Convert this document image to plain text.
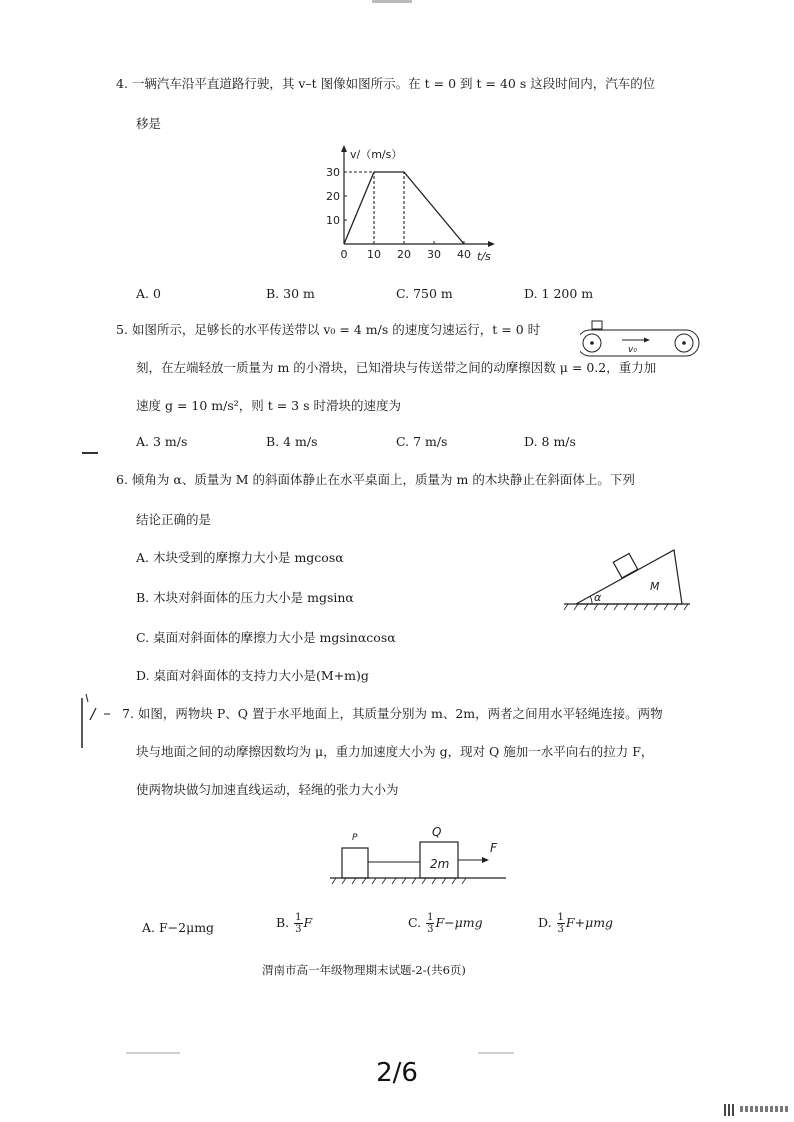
4. 一辆汽车沿平直道路行驶，其 v–t 图像如图所示。在 t = 0 到 t = 40 s 这段时间内，汽车的位
移是
v/（m/s）
t/s
0 10 20 30 40
10
20
30
A. 0	B. 30 m	C. 750 m	D. 1 200 m
5. 如图所示，足够长的水平传送带以 v₀ = 4 m/s 的速度匀速运行，t = 0 时
刻，在左端轻放一质量为 m 的小滑块，已知滑块与传送带之间的动摩擦因数 μ = 0.2，重力加
速度 g = 10 m/s²，则 t = 3 s 时滑块的速度为
v₀
A. 3 m/s	B. 4 m/s	C. 7 m/s	D. 8 m/s
6. 倾角为 α、质量为 M 的斜面体静止在水平桌面上，质量为 m 的木块静止在斜面体上。下列
结论正确的是
A. 木块受到的摩擦力大小是 mgcosα
B. 木块对斜面体的压力大小是 mgsinα
C. 桌面对斜面体的摩擦力大小是 mgsinαcosα
D. 桌面对斜面体的支持力大小是(M+m)g
α
M
7. 如图，两物块 P、Q 置于水平地面上，其质量分别为 m、2m，两者之间用水平轻绳连接。两物
块与地面之间的动摩擦因数均为 μ，重力加速度大小为 g，现对 Q 施加一水平向右的拉力 F，
使两物块做匀加速直线运动，轻绳的张力大小为
P	Q
2m
F
A. F−2μmg	B. $\frac{1}{3}$ F	C. $\frac{1}{3} F-\mu mg$	D. $\frac{1}{3} F+\mu mg$
渭南市高一年级物理期末试题-2-(共6页)
2/6
